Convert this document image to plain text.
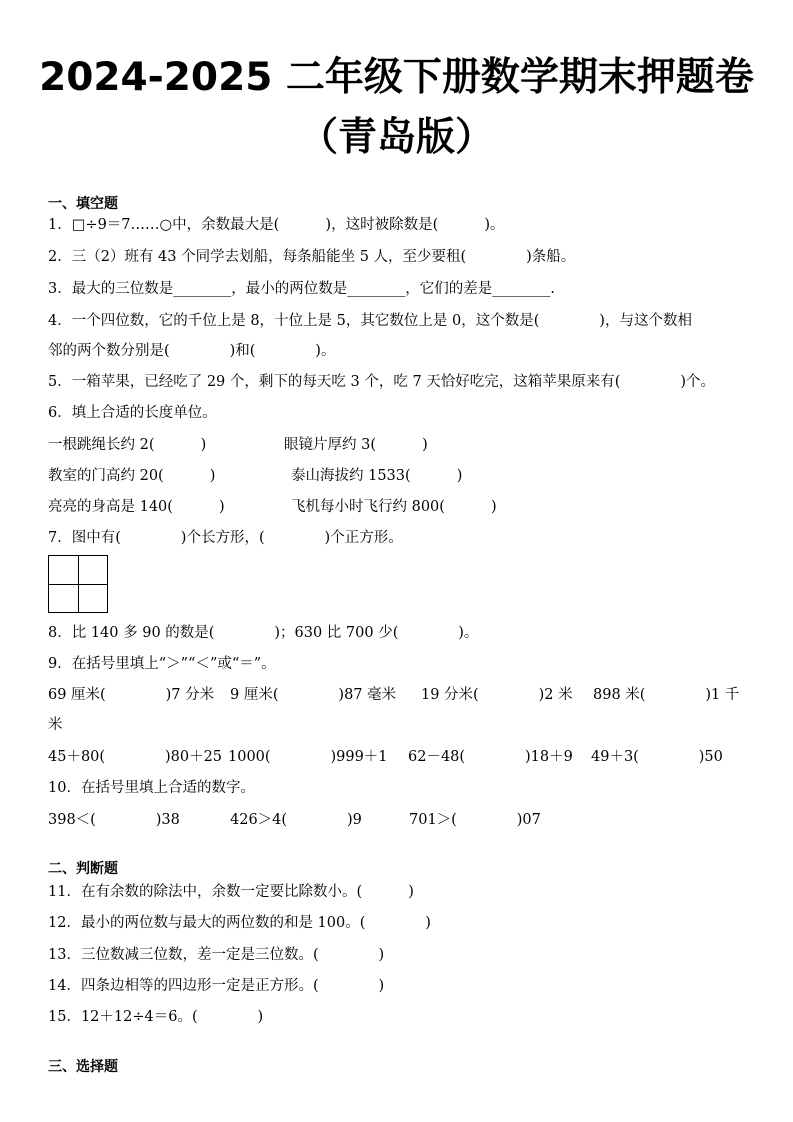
2024-2025 二年级下册数学期末押题卷
（青岛版）
一、填空题
1．□÷9＝7……○中，余数最大是(          )，这时被除数是(          )。
2．三（2）班有 43 个同学去划船，每条船能坐 5 人，至少要租(             )条船。
3．最大的三位数是________，最小的两位数是________，它们的差是________.
4．一个四位数，它的千位上是 8，十位上是 5，其它数位上是 0，这个数是(             )，与这个数相
邻的两个数分别是(             )和(             )。
5．一箱苹果，已经吃了 29 个，剩下的每天吃 3 个，吃 7 天恰好吃完，这箱苹果原来有(             )个。
6．填上合适的长度单位。
一根跳绳长约 2(          )	眼镜片厚约 3(          )
教室的门高约 20(          )	泰山海拔约 1533(          )
亮亮的身高是 140(          )	飞机每小时飞行约 800(          )
7．图中有(             )个长方形，(             )个正方形。
8．比 140 多 90 的数是(             )；630 比 700 少(             )。
9．在括号里填上“＞”“＜”或“＝”。
69 厘米(             )7 分米 9 厘米(             )87 毫米 19 分米(             )2 米 898 米(             )1 千
米
45＋80(             )80＋25 1000(             )999＋1 62－48(             )18＋9 49＋3(             )50
10．在括号里填上合适的数字。
398＜(             )38	426＞4(             )9	701＞(             )07
二、判断题
11．在有余数的除法中，余数一定要比除数小。(          )
12．最小的两位数与最大的两位数的和是 100。(             )
13．三位数减三位数，差一定是三位数。(             )
14．四条边相等的四边形一定是正方形。(             )
15．12＋12÷4＝6。(             )
三、选择题
